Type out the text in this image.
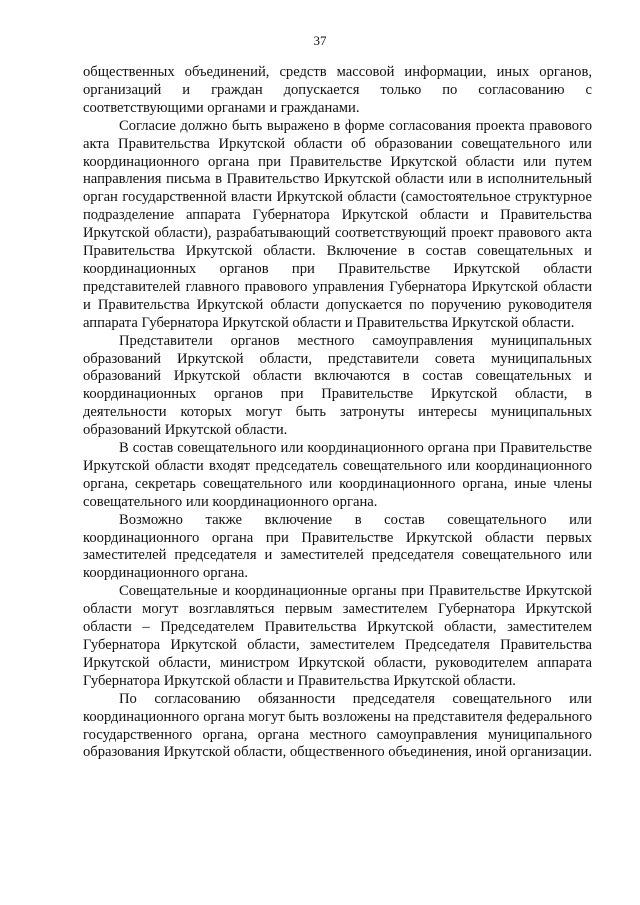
37

общественных объединений, средств массовой информации, иных органов, организаций и граждан допускается только по согласованию с соответствующими органами и гражданами.

Согласие должно быть выражено в форме согласования проекта правового акта Правительства Иркутской области об образовании совещательного или координационного органа при Правительстве Иркутской области или путем направления письма в Правительство Иркутской области или в исполнительный орган государственной власти Иркутской области (самостоятельное структурное подразделение аппарата Губернатора Иркутской области и Правительства Иркутской области), разрабатывающий соответствующий проект правового акта Правительства Иркутской области. Включение в состав совещательных и координационных органов при Правительстве Иркутской области представителей главного правового управления Губернатора Иркутской области и Правительства Иркутской области допускается по поручению руководителя аппарата Губернатора Иркутской области и Правительства Иркутской области.

Представители органов местного самоуправления муниципальных образований Иркутской области, представители совета муниципальных образований Иркутской области включаются в состав совещательных и координационных органов при Правительстве Иркутской области, в деятельности которых могут быть затронуты интересы муниципальных образований Иркутской области.

В состав совещательного или координационного органа при Правительстве Иркутской области входят председатель совещательного или координационного органа, секретарь совещательного или координационного органа, иные члены совещательного или координационного органа.

Возможно также включение в состав совещательного или координационного органа при Правительстве Иркутской области первых заместителей председателя и заместителей председателя совещательного или координационного органа.

Совещательные и координационные органы при Правительстве Иркутской области могут возглавляться первым заместителем Губернатора Иркутской области – Председателем Правительства Иркутской области, заместителем Губернатора Иркутской области, заместителем Председателя Правительства Иркутской области, министром Иркутской области, руководителем аппарата Губернатора Иркутской области и Правительства Иркутской области.

По согласованию обязанности председателя совещательного или координационного органа могут быть возложены на представителя федерального государственного органа, органа местного самоуправления муниципального образования Иркутской области, общественного объединения, иной организации.
